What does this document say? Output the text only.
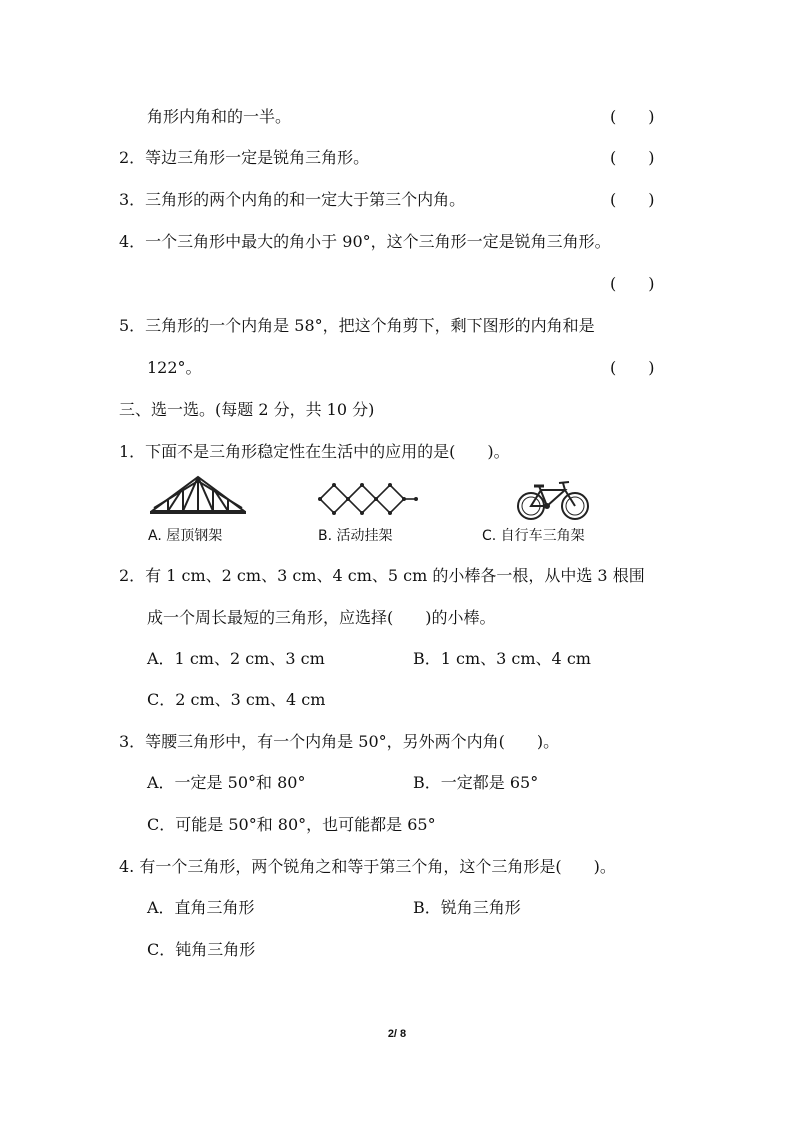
角形内角和的一半。	(　　)
2．等边三角形一定是锐角三角形。	(　　)
3．三角形的两个内角的和一定大于第三个内角。	(　　)
4．一个三角形中最大的角小于 90°，这个三角形一定是锐角三角形。
(　　)
5．三角形的一个内角是 58°，把这个角剪下，剩下图形的内角和是
122°。	(　　)
三、选一选。(每题 2 分，共 10 分)
1．下面不是三角形稳定性在生活中的应用的是(　　)。
A. 屋顶钢架	B. 活动挂架	C. 自行车三角架
2．有 1 cm、2 cm、3 cm、4 cm、5 cm 的小棒各一根，从中选 3 根围
成一个周长最短的三角形，应选择(　　)的小棒。
A．1 cm、2 cm、3 cm	B．1 cm、3 cm、4 cm
C．2 cm、3 cm、4 cm
3．等腰三角形中，有一个内角是 50°，另外两个内角(　　)。
A．一定是 50°和 80°	B．一定都是 65°
C．可能是 50°和 80°，也可能都是 65°
4. 有一个三角形，两个锐角之和等于第三个角，这个三角形是(　　)。
A．直角三角形	B．锐角三角形
C．钝角三角形
2/ 8
